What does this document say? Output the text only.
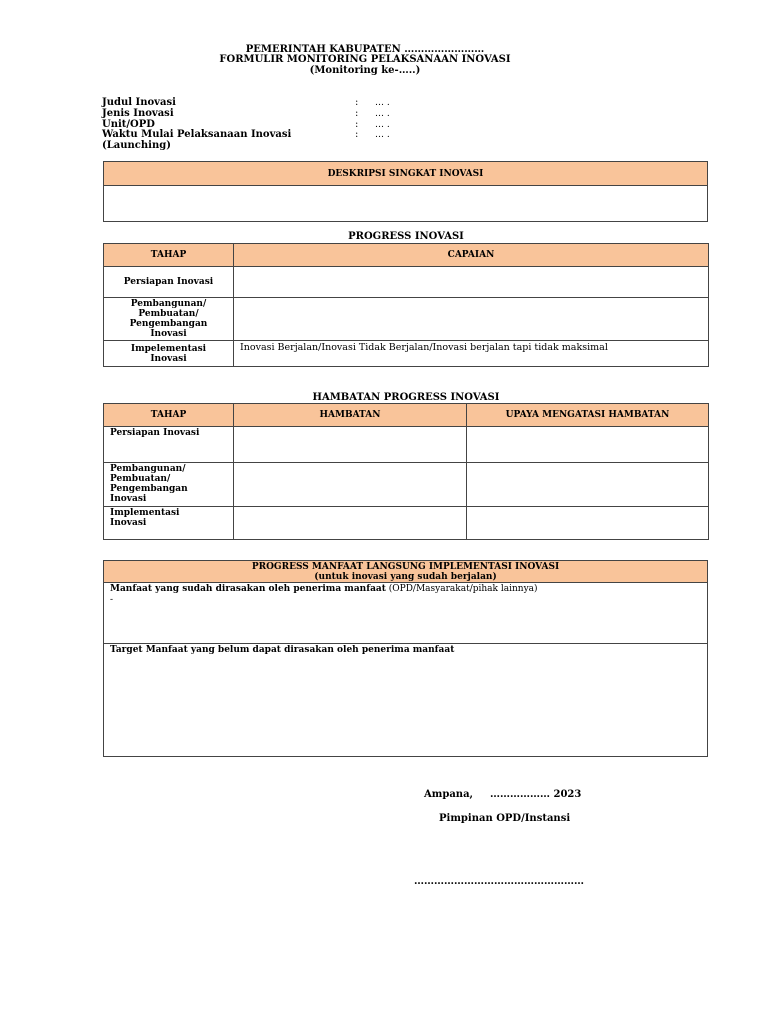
PEMERINTAH KABUPATEN ……………………
FORMULIR MONITORING PELAKSANAAN INOVASI
(Monitoring ke-…..)
Judul Inovasi	: … .
Jenis Inovasi	: … .
Unit/OPD	: … .
Waktu Mulai Pelaksanaan Inovasi	: … .
(Launching)
DESKRIPSI SINGKAT INOVASI

PROGRESS INOVASI
TAHAP	CAPAIAN
Persiapan Inovasi	
Pembangunan/ Pembuatan/ Pengembangan Inovasi	
Impelementasi Inovasi	Inovasi Berjalan/Inovasi Tidak Berjalan/Inovasi berjalan tapi tidak maksimal
HAMBATAN PROGRESS INOVASI
TAHAP	HAMBATAN	UPAYA MENGATASI HAMBATAN
Persiapan Inovasi		
Pembangunan/ Pembuatan/ Pengembangan Inovasi		
Implementasi Inovasi		
PROGRESS MANFAAT LANGSUNG IMPLEMENTASI INOVASI
(untuk inovasi yang sudah berjalan)

Manfaat yang sudah dirasakan oleh penerima manfaat (OPD/Masyarakat/pihak lainnya)
-

Target Manfaat yang belum dapat dirasakan oleh penerima manfaat
Ampana, ……………… 2023
Pimpinan OPD/Instansi
……………………………………………
